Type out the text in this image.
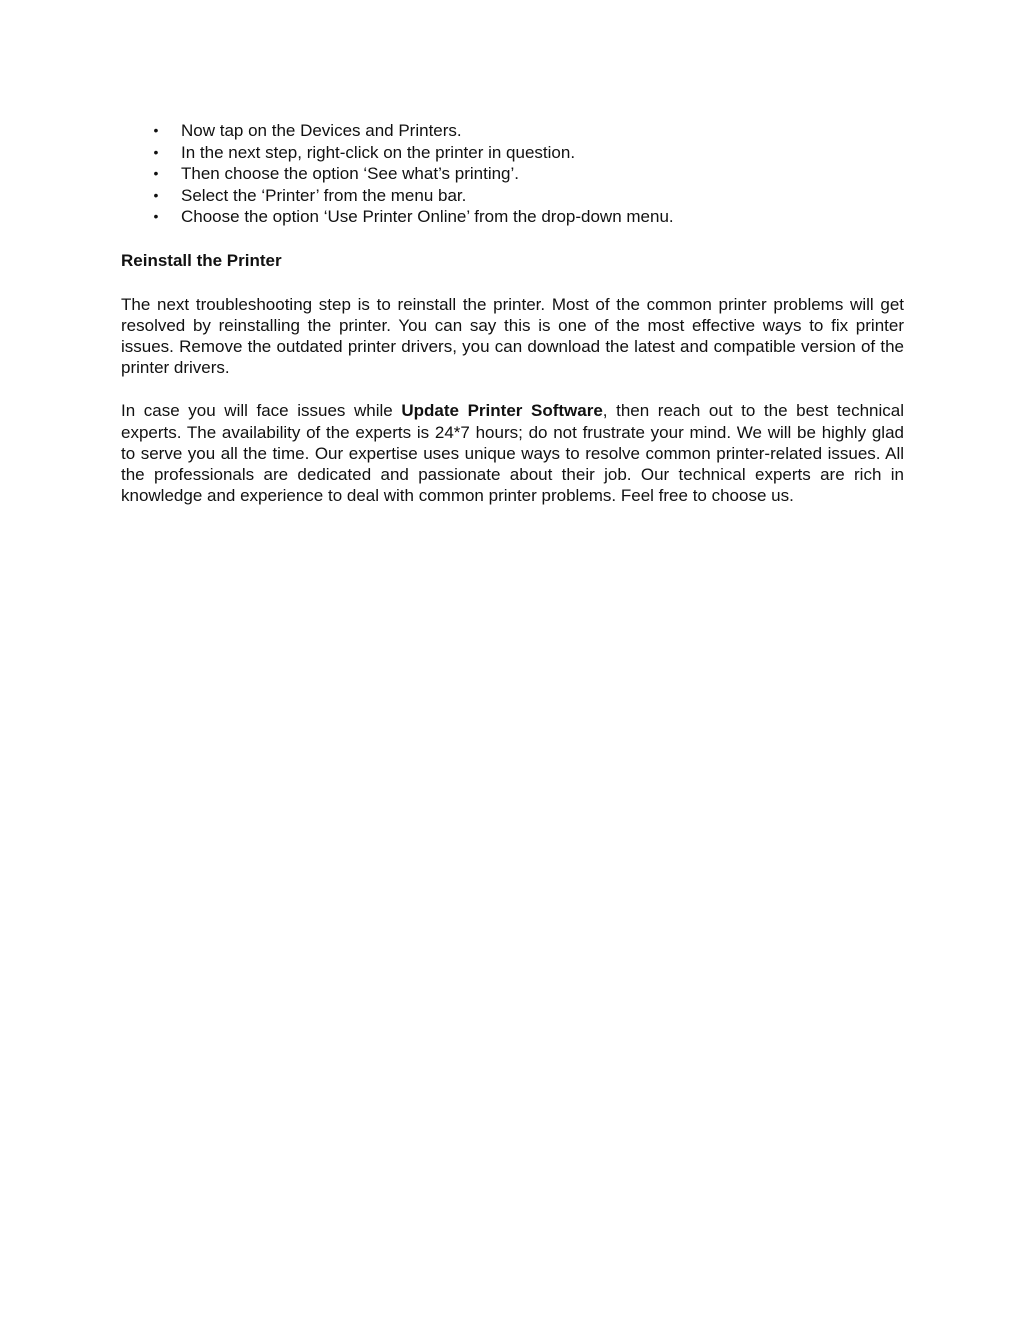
• Now tap on the Devices and Printers.
• In the next step, right-click on the printer in question.
• Then choose the option ‘See what’s printing’.
• Select the ‘Printer’ from the menu bar.
• Choose the option ‘Use Printer Online’ from the drop-down menu.
Reinstall the Printer

The next troubleshooting step is to reinstall the printer. Most of the common printer problems will get resolved by reinstalling the printer. You can say this is one of the most effective ways to fix printer issues. Remove the outdated printer drivers, you can download the latest and compatible version of the printer drivers.

In case you will face issues while Update Printer Software, then reach out to the best technical experts. The availability of the experts is 24*7 hours; do not frustrate your mind. We will be highly glad to serve you all the time. Our expertise uses unique ways to resolve common printer-related issues. All the professionals are dedicated and passionate about their job. Our technical experts are rich in knowledge and experience to deal with common printer problems. Feel free to choose us.
